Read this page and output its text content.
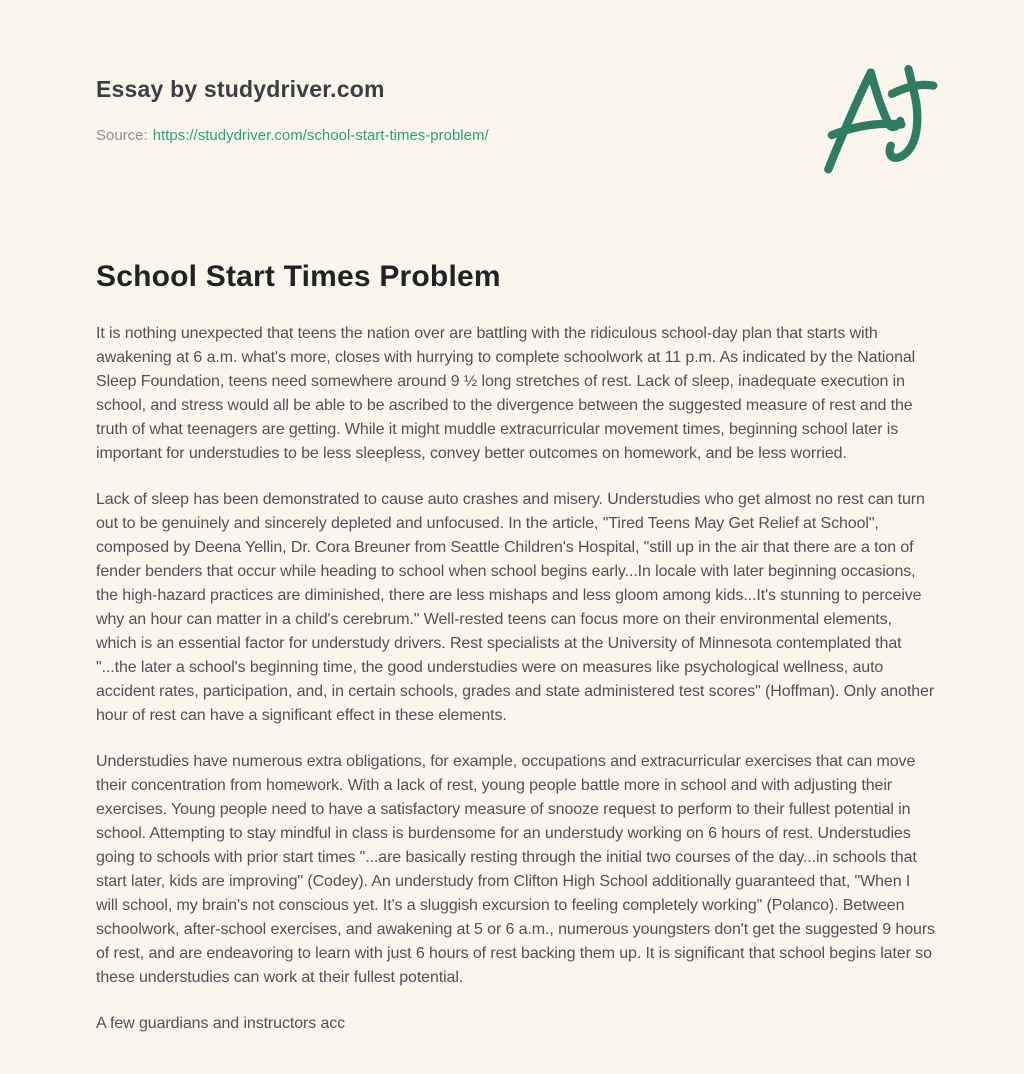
Essay by studydriver.com
Source: https://studydriver.com/school-start-times-problem/
School Start Times Problem

It is nothing unexpected that teens the nation over are battling with the ridiculous school-day plan that starts with awakening at 6 a.m. what's more, closes with hurrying to complete schoolwork at 11 p.m. As indicated by the National Sleep Foundation, teens need somewhere around 9 ½ long stretches of rest. Lack of sleep, inadequate execution in school, and stress would all be able to be ascribed to the divergence between the suggested measure of rest and the truth of what teenagers are getting. While it might muddle extracurricular movement times, beginning school later is important for understudies to be less sleepless, convey better outcomes on homework, and be less worried.

Lack of sleep has been demonstrated to cause auto crashes and misery. Understudies who get almost no rest can turn out to be genuinely and sincerely depleted and unfocused. In the article, "Tired Teens May Get Relief at School", composed by Deena Yellin, Dr. Cora Breuner from Seattle Children's Hospital, "still up in the air that there are a ton of fender benders that occur while heading to school when school begins early...In locale with later beginning occasions, the high-hazard practices are diminished, there are less mishaps and less gloom among kids...It's stunning to perceive why an hour can matter in a child's cerebrum." Well-rested teens can focus more on their environmental elements, which is an essential factor for understudy drivers. Rest specialists at the University of Minnesota contemplated that "...the later a school's beginning time, the good understudies were on measures like psychological wellness, auto accident rates, participation, and, in certain schools, grades and state administered test scores" (Hoffman). Only another hour of rest can have a significant effect in these elements.

Understudies have numerous extra obligations, for example, occupations and extracurricular exercises that can move their concentration from homework. With a lack of rest, young people battle more in school and with adjusting their exercises. Young people need to have a satisfactory measure of snooze request to perform to their fullest potential in school. Attempting to stay mindful in class is burdensome for an understudy working on 6 hours of rest. Understudies going to schools with prior start times "...are basically resting through the initial two courses of the day...in schools that start later, kids are improving" (Codey). An understudy from Clifton High School additionally guaranteed that, "When I will school, my brain's not conscious yet. It's a sluggish excursion to feeling completely working" (Polanco). Between schoolwork, after-school exercises, and awakening at 5 or 6 a.m., numerous youngsters don't get the suggested 9 hours of rest, and are endeavoring to learn with just 6 hours of rest backing them up. It is significant that school begins later so these understudies can work at their fullest potential.

A few guardians and instructors acc
